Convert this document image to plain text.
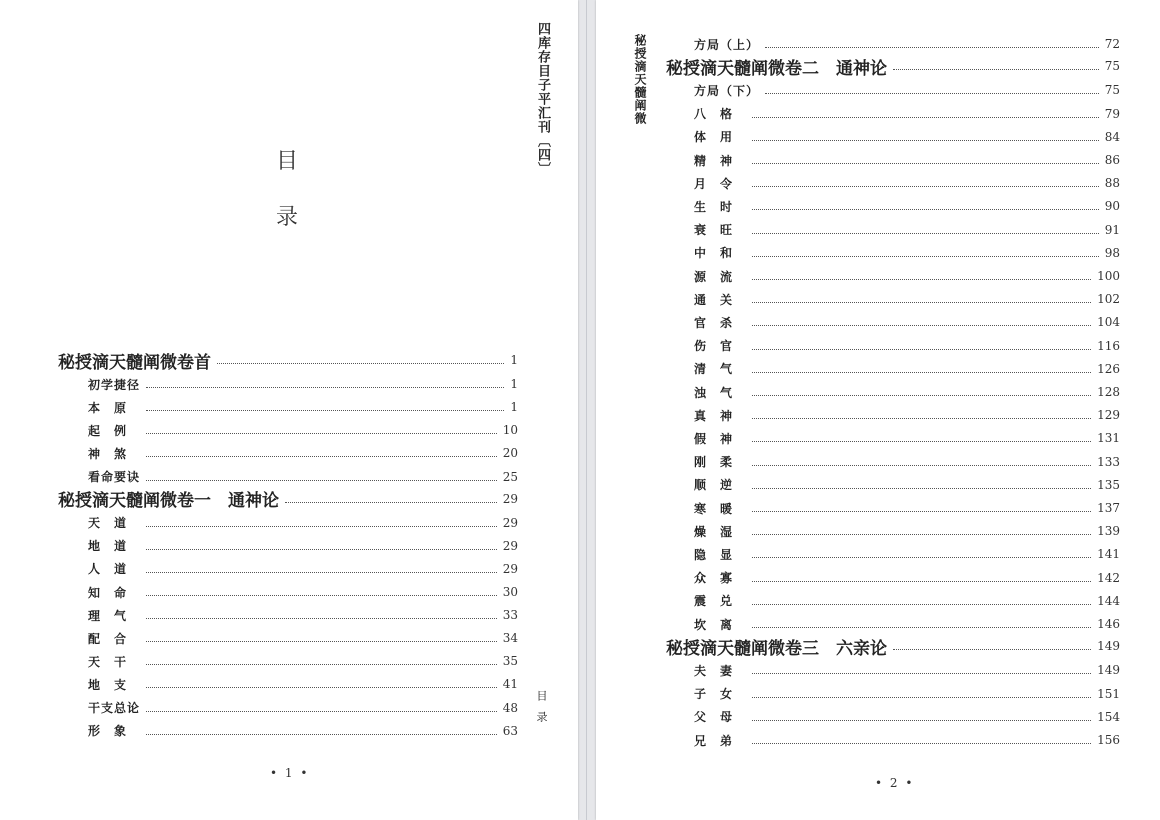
四库存目子平汇刊〔四〕
目
录
目录
• 1 •
秘授滴天髓阐微卷首	1
初学捷径	1
本原	1
起例	10
神煞	20
看命要诀	25
秘授滴天髓阐微卷一　通神论	29
天道	29
地道	29
人道	29
知命	30
理气	33
配合	34
天干	35
地支	41
干支总论	48
形象	63
秘授滴天髓阐微
• 2 •
方局（上）	72
秘授滴天髓阐微卷二　通神论	75
方局（下）	75
八格	79
体用	84
精神	86
月令	88
生时	90
衰旺	91
中和	98
源流	100
通关	102
官杀	104
伤官	116
清气	126
浊气	128
真神	129
假神	131
刚柔	133
顺逆	135
寒暖	137
燥湿	139
隐显	141
众寡	142
震兑	144
坎离	146
秘授滴天髓阐微卷三　六亲论	149
夫妻	149
子女	151
父母	154
兄弟	156
